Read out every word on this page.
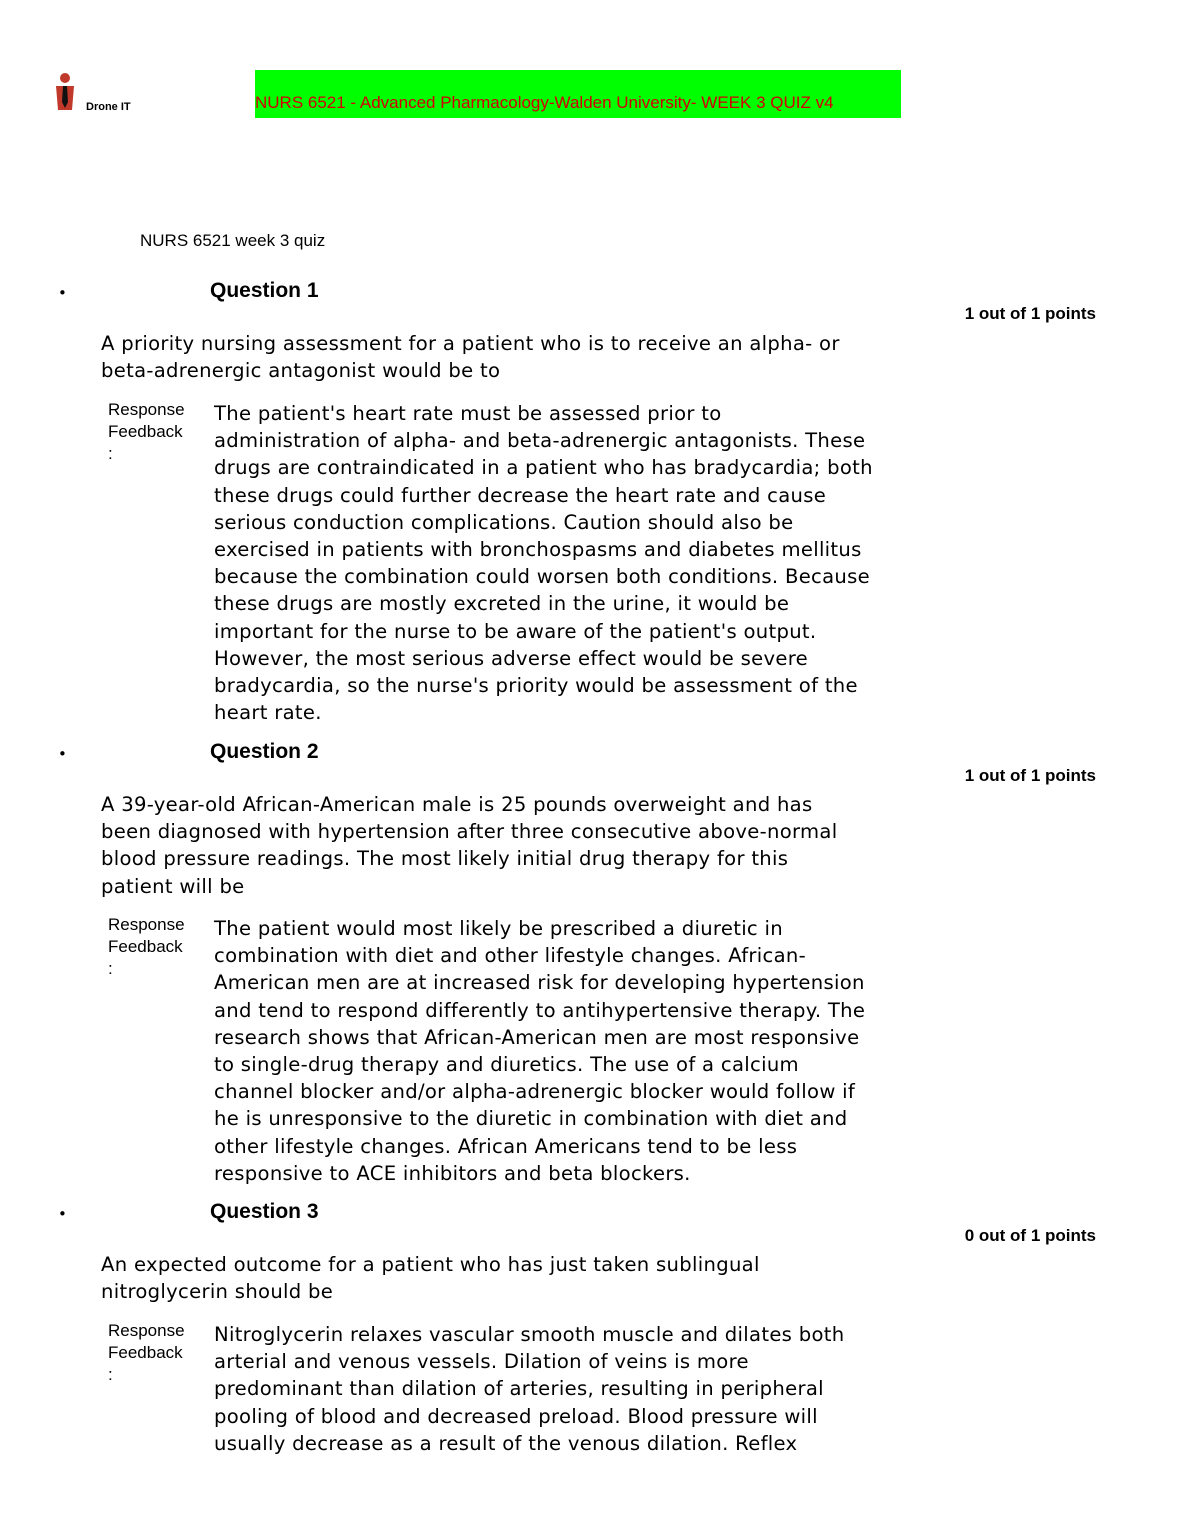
Drone IT	NURS 6521 - Advanced Pharmacology-Walden University- WEEK 3 QUIZ v4
NURS 6521 week 3 quiz
•	Question 1
1 out of 1 points
A priority nursing assessment for a patient who is to receive an alpha- or
beta-adrenergic antagonist would be to
Response
Feedback
:
The patient's heart rate must be assessed prior to
administration of alpha- and beta-adrenergic antagonists. These
drugs are contraindicated in a patient who has bradycardia; both
these drugs could further decrease the heart rate and cause
serious conduction complications. Caution should also be
exercised in patients with bronchospasms and diabetes mellitus
because the combination could worsen both conditions. Because
these drugs are mostly excreted in the urine, it would be
important for the nurse to be aware of the patient's output.
However, the most serious adverse effect would be severe
bradycardia, so the nurse's priority would be assessment of the
heart rate.
•	Question 2
1 out of 1 points
A 39-year-old African-American male is 25 pounds overweight and has
been diagnosed with hypertension after three consecutive above-normal
blood pressure readings. The most likely initial drug therapy for this
patient will be
Response
Feedback
:
The patient would most likely be prescribed a diuretic in
combination with diet and other lifestyle changes. African-
American men are at increased risk for developing hypertension
and tend to respond differently to antihypertensive therapy. The
research shows that African-American men are most responsive
to single-drug therapy and diuretics. The use of a calcium
channel blocker and/or alpha-adrenergic blocker would follow if
he is unresponsive to the diuretic in combination with diet and
other lifestyle changes. African Americans tend to be less
responsive to ACE inhibitors and beta blockers.
•	Question 3
0 out of 1 points
An expected outcome for a patient who has just taken sublingual
nitroglycerin should be
Response
Feedback
:
Nitroglycerin relaxes vascular smooth muscle and dilates both
arterial and venous vessels. Dilation of veins is more
predominant than dilation of arteries, resulting in peripheral
pooling of blood and decreased preload. Blood pressure will
usually decrease as a result of the venous dilation. Reflex
